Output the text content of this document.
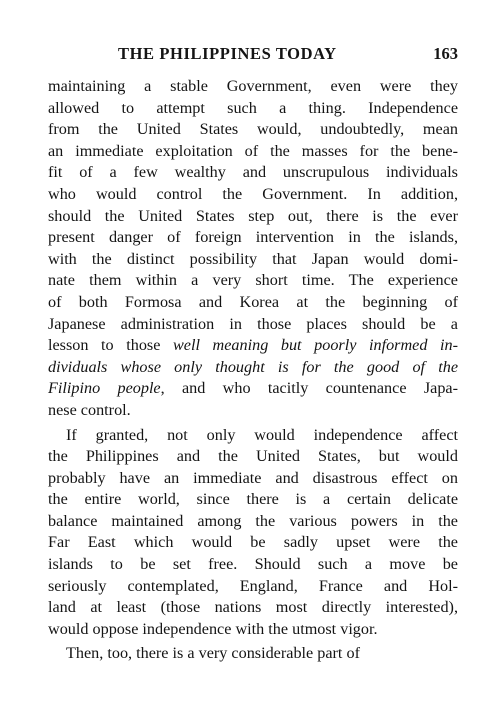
THE PHILIPPINES TODAY	163
maintaining a stable Government, even were they
allowed to attempt such a thing. Independence
from the United States would, undoubtedly, mean
an immediate exploitation of the masses for the bene-
fit of a few wealthy and unscrupulous individuals
who would control the Government. In addition,
should the United States step out, there is the ever
present danger of foreign intervention in the islands,
with the distinct possibility that Japan would domi-
nate them within a very short time. The experience
of both Formosa and Korea at the beginning of
Japanese administration in those places should be a
lesson to those well meaning but poorly informed in-
dividuals whose only thought is for the good of the
Filipino people, and who tacitly countenance Japa-
nese control.
If granted, not only would independence affect
the Philippines and the United States, but would
probably have an immediate and disastrous effect on
the entire world, since there is a certain delicate
balance maintained among the various powers in the
Far East which would be sadly upset were the
islands to be set free. Should such a move be
seriously contemplated, England, France and Hol-
land at least (those nations most directly interested),
would oppose independence with the utmost vigor.
Then, too, there is a very considerable part of
